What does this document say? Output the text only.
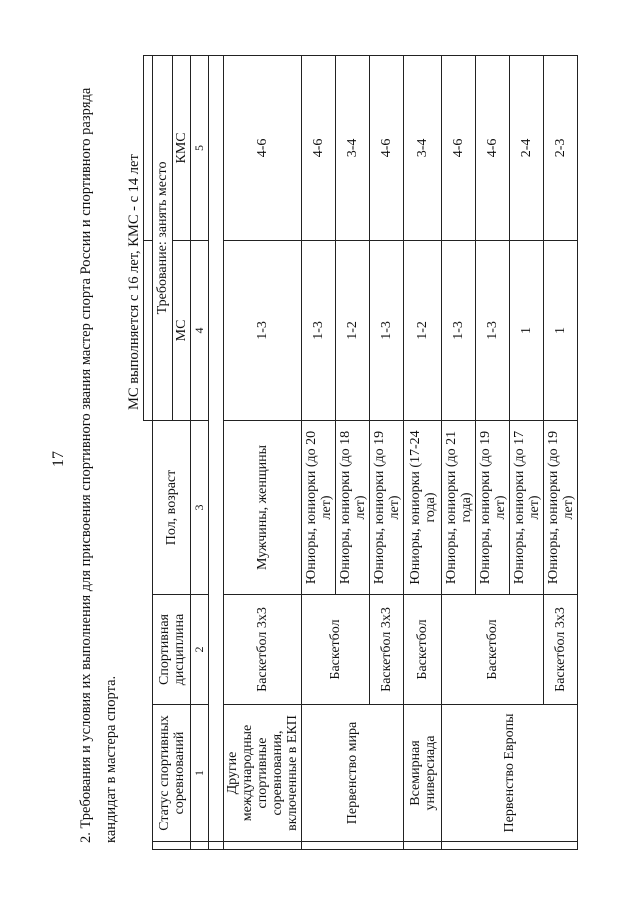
17 2. Требования и условия их выполнения для присвоения спортивного звания мастер спорта России и спортивного разряда кандидат в мастера спорта.
МС выполняется с 16 лет, КМС - с 14 лет

	Статус спортивных соревнований	Спортивная дисциплина	Пол, возраст	Требование: занять место	
				МС	КМС
	1	2	3	4	5

	Другие международные спортивные соревнования, включенные в ЕКП	Баскетбол 3х3	Мужчины, женщины	1-3	4-6
	Первенство мира	Баскетбол	Юниоры, юниорки (до 20 лет)	1-3	4-6
			Юниоры, юниорки (до 18 лет)	1-2	3-4
		Баскетбол 3х3	Юниоры, юниорки (до 19 лет)	1-3	4-6
	Всемирная универсиада	Баскетбол	Юниоры, юниорки (17-24 года)	1-2	3-4
	Первенство Европы	Баскетбол	Юниоры, юниорки (до 21 года)	1-3	4-6
			Юниоры, юниорки (до 19 лет)	1-3	4-6
			Юниоры, юниорки (до 17 лет)	1	2-4
		Баскетбол 3х3	Юниоры, юниорки (до 19 лет)	1	2-3
